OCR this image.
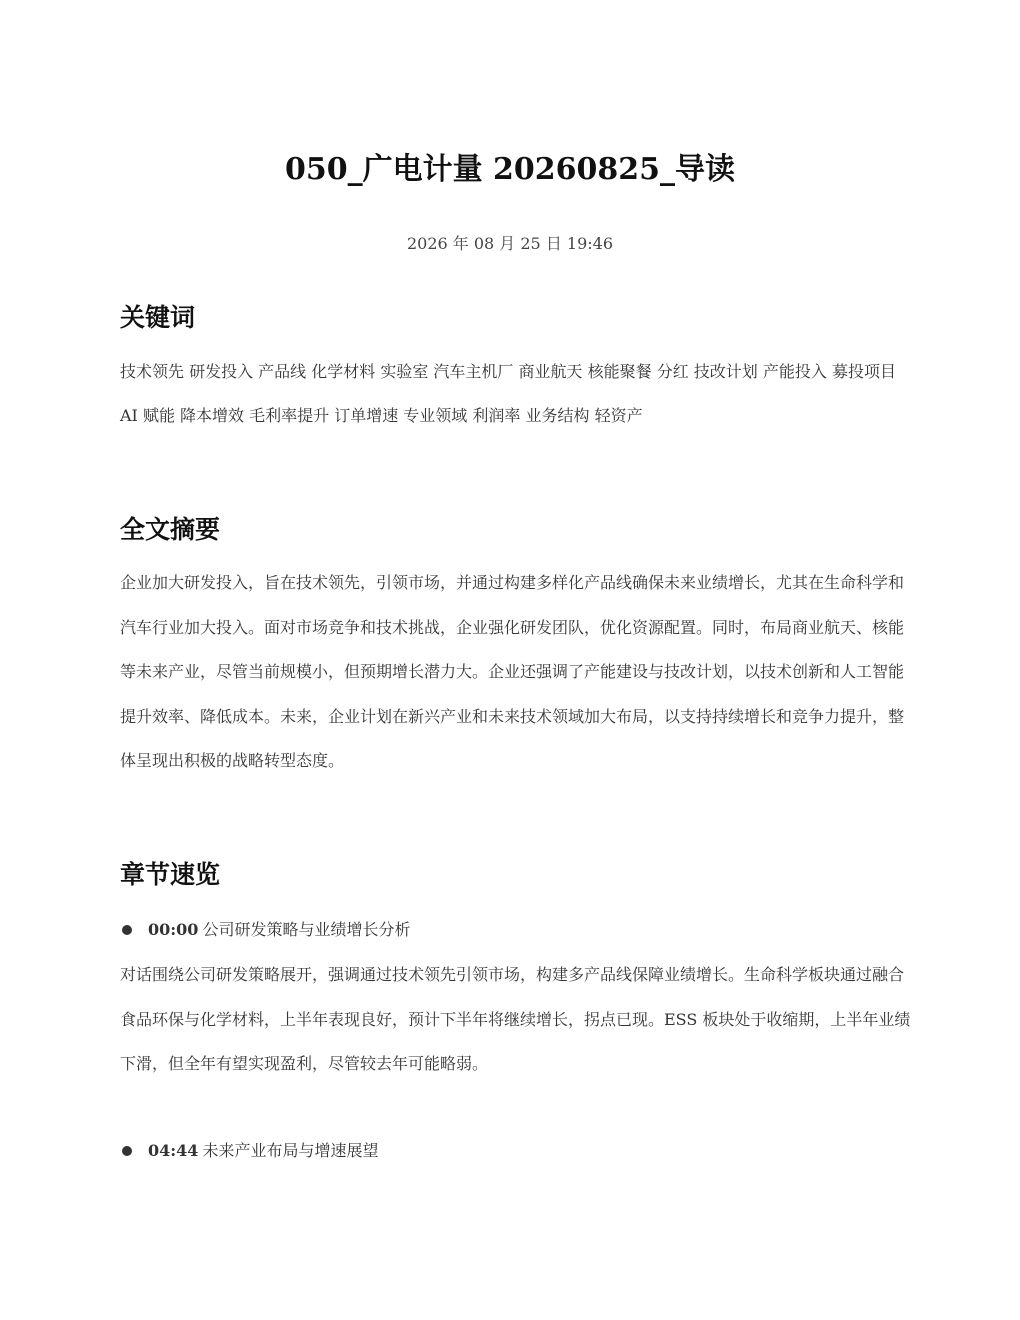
050_广电计量 20260825_导读
2026 年 08 月 25 日 19:46
关键词

技术领先 研发投入 产品线 化学材料 实验室 汽车主机厂 商业航天 核能聚餐 分红 技改计划 产能投入 募投项目 AI 赋能 降本增效 毛利率提升 订单增速 专业领域 利润率 业务结构 轻资产

全文摘要

企业加大研发投入，旨在技术领先，引领市场，并通过构建多样化产品线确保未来业绩增长，尤其在生命科学和汽车行业加大投入。面对市场竞争和技术挑战，企业强化研发团队，优化资源配置。同时，布局商业航天、核能等未来产业，尽管当前规模小，但预期增长潜力大。企业还强调了产能建设与技改计划，以技术创新和人工智能提升效率、降低成本。未来，企业计划在新兴产业和未来技术领域加大布局，以支持持续增长和竞争力提升，整体呈现出积极的战略转型态度。

章节速览
00:00 公司研发策略与业绩增长分析

对话围绕公司研发策略展开，强调通过技术领先引领市场，构建多产品线保障业绩增长。生命科学板块通过融合食品环保与化学材料，上半年表现良好，预计下半年将继续增长，拐点已现。ESS 板块处于收缩期，上半年业绩下滑，但全年有望实现盈利，尽管较去年可能略弱。

04:44 未来产业布局与增速展望
